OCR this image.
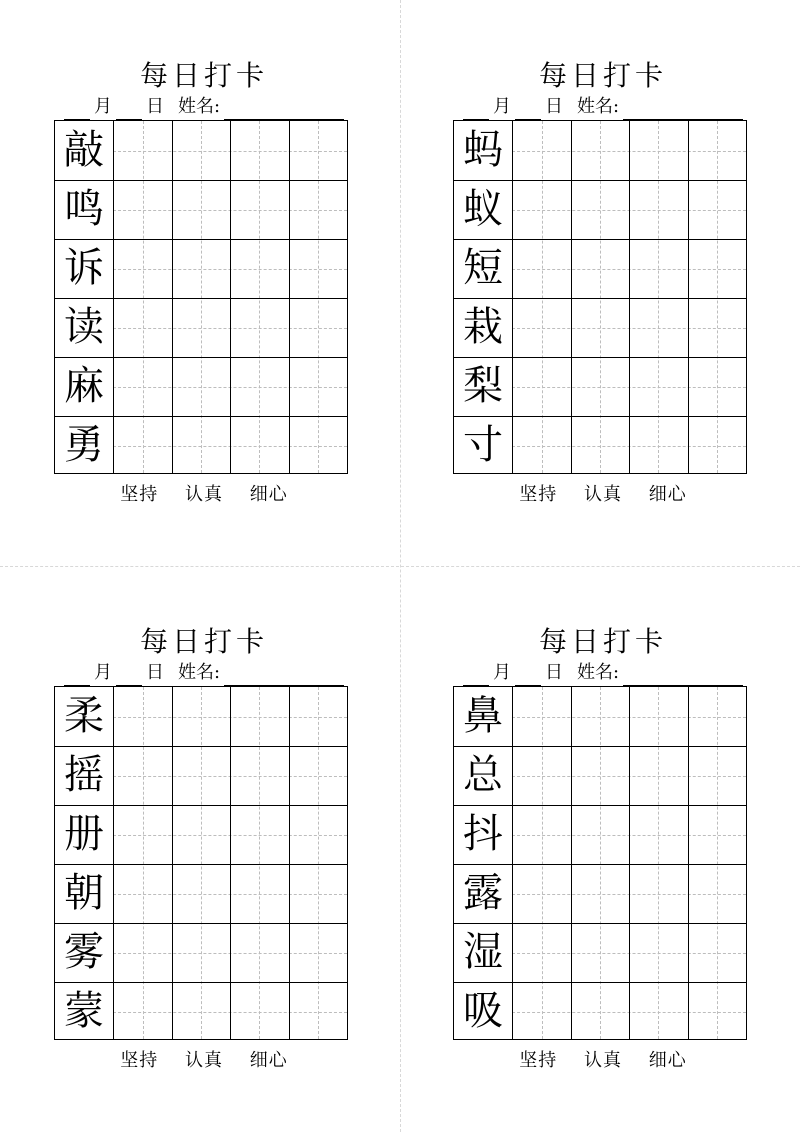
每日打卡
月 日 姓名:
敲
鸣
诉
读
麻
勇
坚持 认真 细心
每日打卡
月 日 姓名:
蚂
蚁
短
栽
梨
寸
坚持 认真 细心
每日打卡
月 日 姓名:
柔
摇
册
朝
雾
蒙
坚持 认真 细心
每日打卡
月 日 姓名:
鼻
总
抖
露
湿
吸
坚持 认真 细心
